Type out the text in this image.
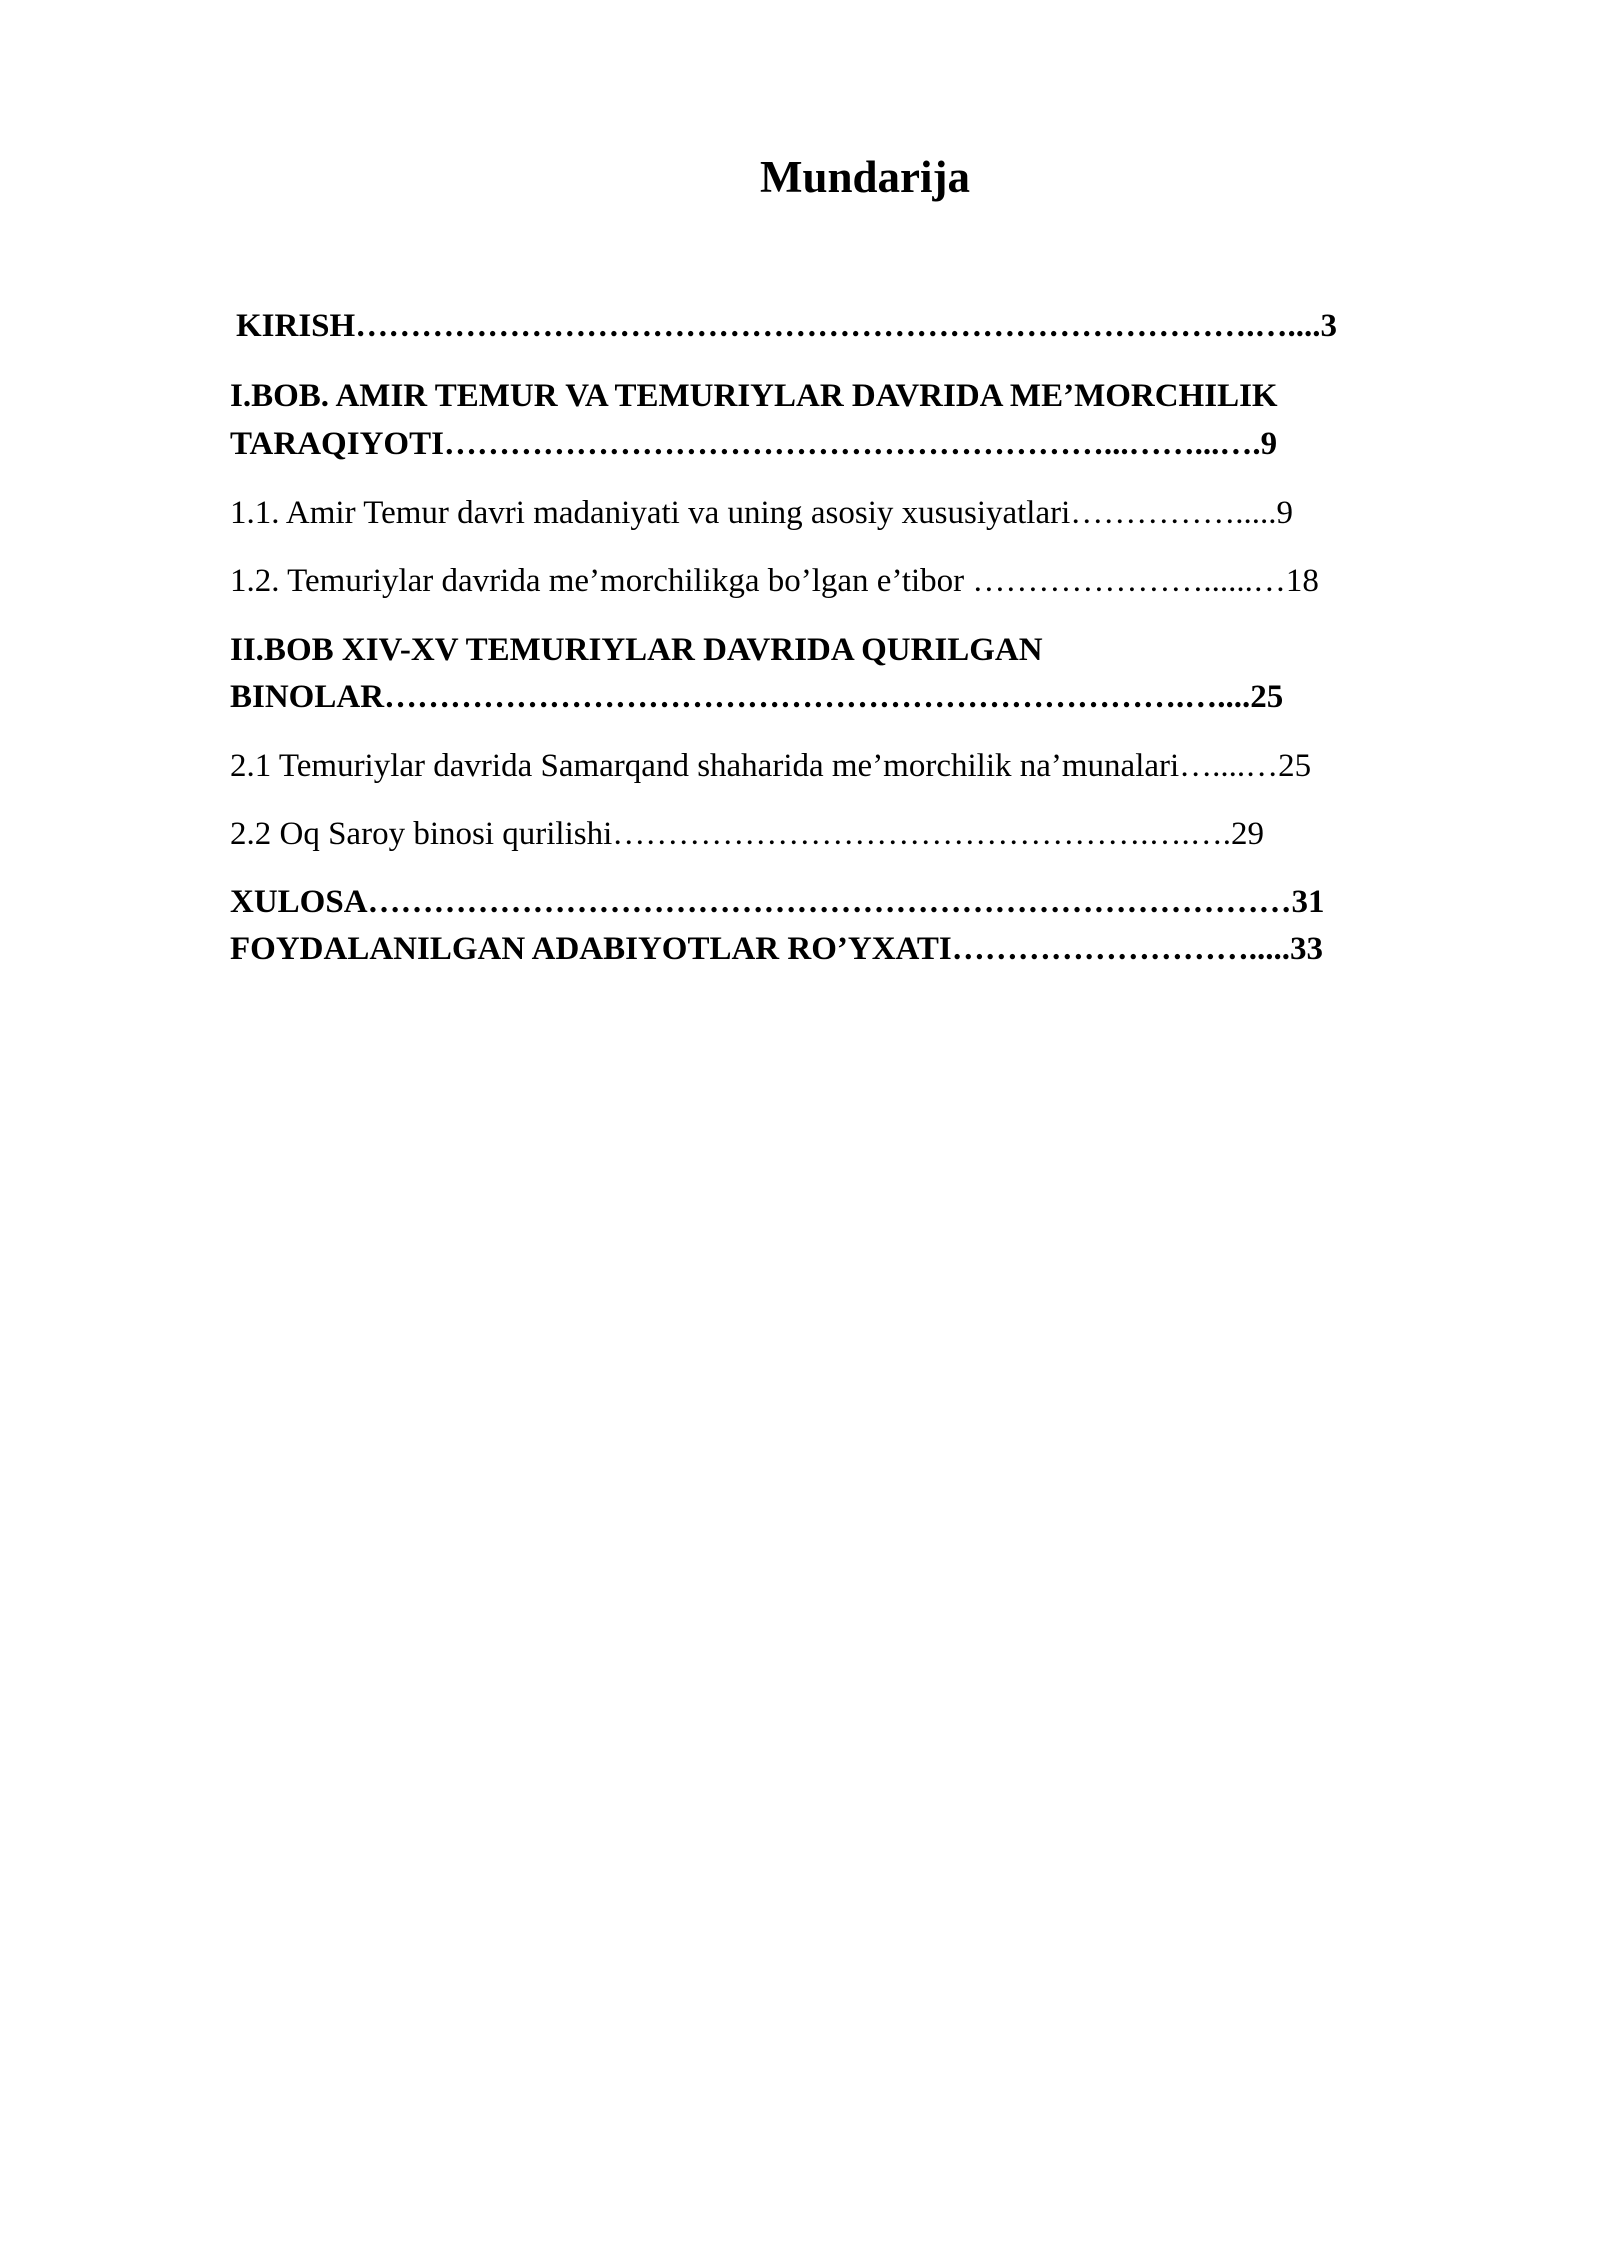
Mundarija
KIRISH……………………………………………………………………….…....3
I.BOB. AMIR TEMUR VA TEMURIYLAR DAVRIDA ME’MORCHILIK
TARAQIYOTI……………………………………………………...……...….9
1.1. Amir Temur davri madaniyati va uning asosiy xususiyatlari…………….....9
1.2. Temuriylar davrida me’morchilikga bo’lgan e’tibor …………………......…18
II.BOB XIV-XV TEMURIYLAR DAVRIDA QURILGAN
BINOLAR……………………………………………………………….…....25
2.1 Temuriylar davrida Samarqand shaharida me’morchilik na’munalari…....…25
2.2 Oq Saroy binosi qurilishi………………………………………….….….29
XULOSA…………………………………………………………………………31
FOYDALANILGAN ADABIYOTLAR RO’YXATI……………………….....33
